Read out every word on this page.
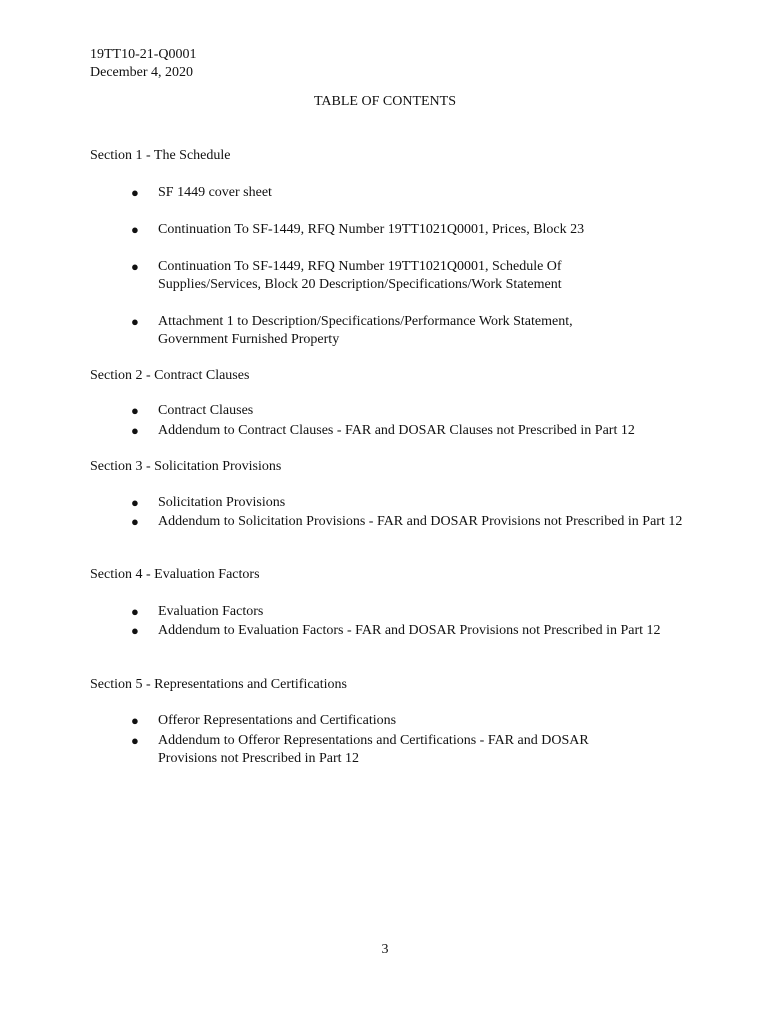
19TT10-21-Q0001
December 4, 2020
TABLE OF CONTENTS
Section 1 - The Schedule
●	SF 1449 cover sheet
●	Continuation To SF-1449, RFQ Number 19TT1021Q0001, Prices, Block 23
●	Continuation To SF-1449, RFQ Number 19TT1021Q0001, Schedule Of Supplies/Services, Block 20 Description/Specifications/Work Statement
●	Attachment 1 to Description/Specifications/Performance Work Statement, Government Furnished Property
Section 2 - Contract Clauses
●	Contract Clauses
●	Addendum to Contract Clauses - FAR and DOSAR Clauses not Prescribed in Part 12
Section 3 - Solicitation Provisions
●	Solicitation Provisions
●	Addendum to Solicitation Provisions - FAR and DOSAR Provisions not Prescribed in Part 12
Section 4 - Evaluation Factors
●	Evaluation Factors
●	Addendum to Evaluation Factors - FAR and DOSAR Provisions not Prescribed in Part 12
Section 5 - Representations and Certifications
●	Offeror Representations and Certifications
●	Addendum to Offeror Representations and Certifications - FAR and DOSAR Provisions not Prescribed in Part 12
3
